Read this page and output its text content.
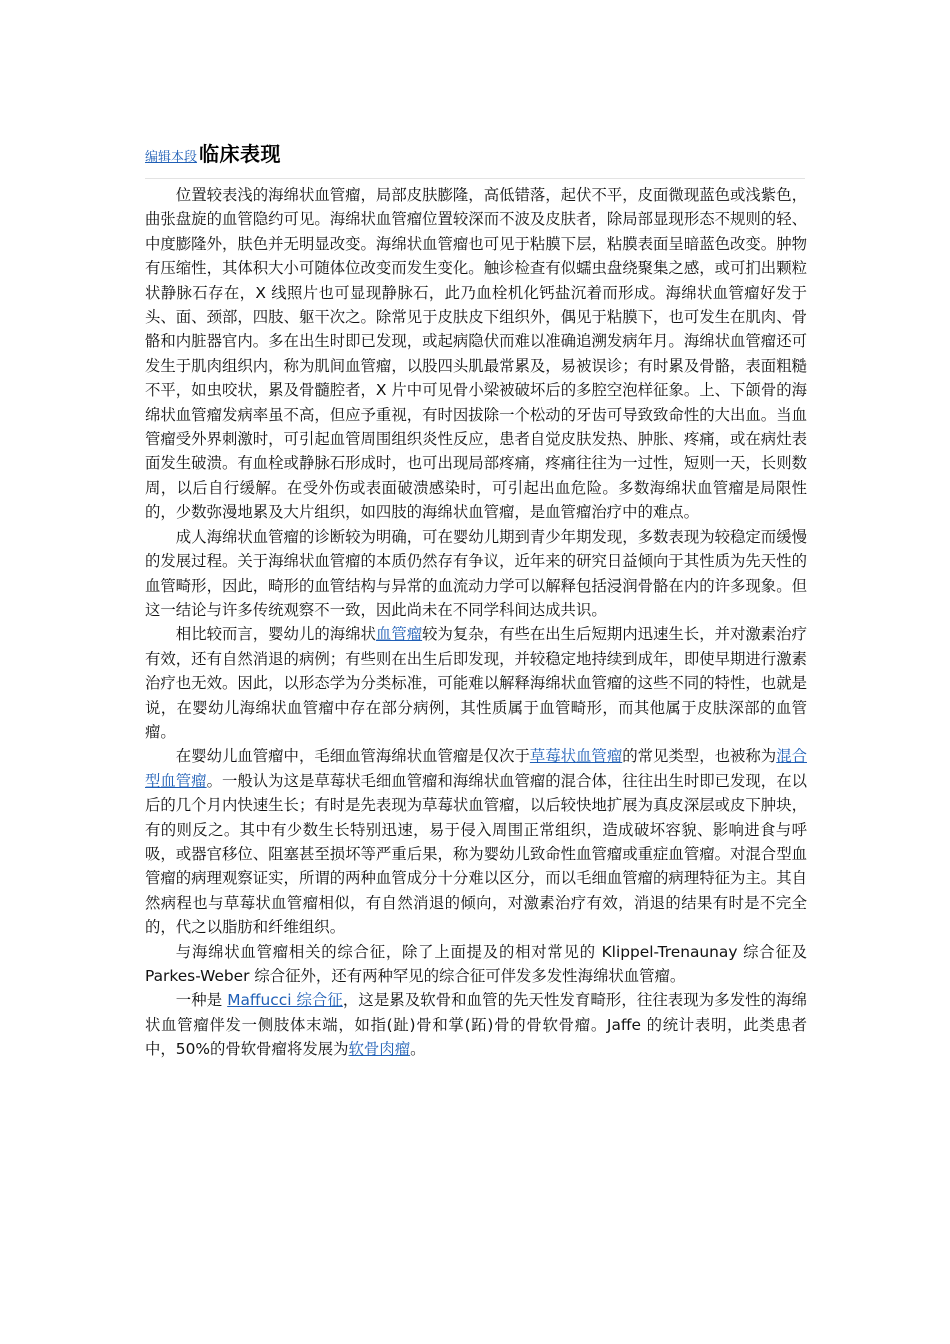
编辑本段 临床表现

位置较表浅的海绵状血管瘤，局部皮肤膨隆，高低错落，起伏不平，皮面微现蓝色或浅紫色，曲张盘旋的血管隐约可见。海绵状血管瘤位置较深而不波及皮肤者，除局部显现形态不规则的轻、中度膨隆外，肤色并无明显改变。海绵状血管瘤也可见于粘膜下层，粘膜表面呈暗蓝色改变。肿物有压缩性，其体积大小可随体位改变而发生变化。触诊检查有似蠕虫盘绕聚集之感，或可扪出颗粒状静脉石存在，X 线照片也可显现静脉石，此乃血栓机化钙盐沉着而形成。海绵状血管瘤好发于头、面、颈部，四肢、躯干次之。除常见于皮肤皮下组织外，偶见于粘膜下，也可发生在肌肉、骨骼和内脏器官内。多在出生时即已发现，或起病隐伏而难以准确追溯发病年月。海绵状血管瘤还可发生于肌肉组织内，称为肌间血管瘤，以股四头肌最常累及，易被误诊；有时累及骨骼，表面粗糙不平，如虫咬状，累及骨髓腔者，X 片中可见骨小梁被破坏后的多腔空泡样征象。上、下颌骨的海绵状血管瘤发病率虽不高，但应予重视，有时因拔除一个松动的牙齿可导致致命性的大出血。当血管瘤受外界刺激时，可引起血管周围组织炎性反应，患者自觉皮肤发热、肿胀、疼痛，或在病灶表面发生破溃。有血栓或静脉石形成时，也可出现局部疼痛，疼痛往往为一过性，短则一天，长则数周，以后自行缓解。在受外伤或表面破溃感染时，可引起出血危险。多数海绵状血管瘤是局限性的，少数弥漫地累及大片组织，如四肢的海绵状血管瘤，是血管瘤治疗中的难点。

成人海绵状血管瘤的诊断较为明确，可在婴幼儿期到青少年期发现，多数表现为较稳定而缓慢的发展过程。关于海绵状血管瘤的本质仍然存有争议，近年来的研究日益倾向于其性质为先天性的血管畸形，因此，畸形的血管结构与异常的血流动力学可以解释包括浸润骨骼在内的许多现象。但这一结论与许多传统观察不一致，因此尚未在不同学科间达成共识。

相比较而言，婴幼儿的海绵状血管瘤较为复杂，有些在出生后短期内迅速生长，并对激素治疗有效，还有自然消退的病例；有些则在出生后即发现，并较稳定地持续到成年，即使早期进行激素治疗也无效。因此，以形态学为分类标准，可能难以解释海绵状血管瘤的这些不同的特性，也就是说，在婴幼儿海绵状血管瘤中存在部分病例，其性质属于血管畸形，而其他属于皮肤深部的血管瘤。

在婴幼儿血管瘤中，毛细血管海绵状血管瘤是仅次于草莓状血管瘤的常见类型，也被称为混合型血管瘤。一般认为这是草莓状毛细血管瘤和海绵状血管瘤的混合体，往往出生时即已发现，在以后的几个月内快速生长；有时是先表现为草莓状血管瘤，以后较快地扩展为真皮深层或皮下肿块，有的则反之。其中有少数生长特别迅速，易于侵入周围正常组织，造成破坏容貌、影响进食与呼吸，或器官移位、阻塞甚至损坏等严重后果，称为婴幼儿致命性血管瘤或重症血管瘤。对混合型血管瘤的病理观察证实，所谓的两种血管成分十分难以区分，而以毛细血管瘤的病理特征为主。其自然病程也与草莓状血管瘤相似，有自然消退的倾向，对激素治疗有效，消退的结果有时是不完全的，代之以脂肪和纤维组织。

与海绵状血管瘤相关的综合征，除了上面提及的相对常见的 Klippel-Trenaunay 综合征及 Parkes-Weber 综合征外，还有两种罕见的综合征可伴发多发性海绵状血管瘤。

一种是 Maffucci 综合征，这是累及软骨和血管的先天性发育畸形，往往表现为多发性的海绵状血管瘤伴发一侧肢体末端，如指(趾)骨和掌(跖)骨的骨软骨瘤。Jaffe 的统计表明，此类患者中，50%的骨软骨瘤将发展为软骨肉瘤。
